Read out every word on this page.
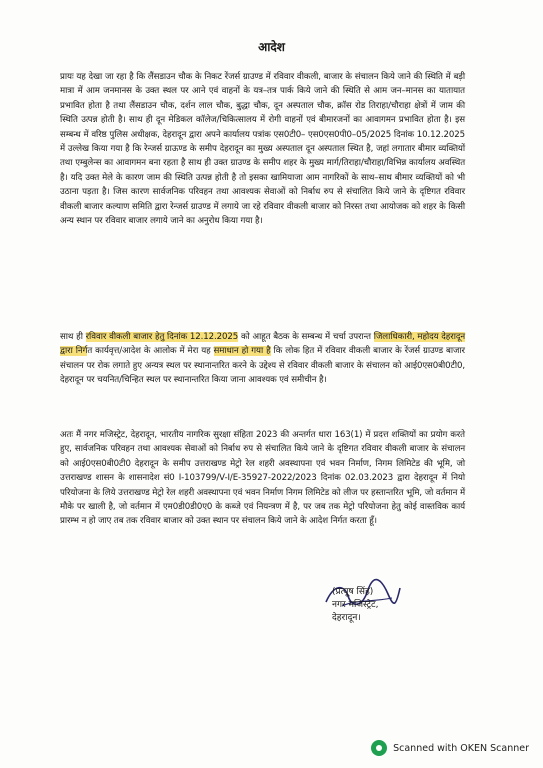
आदेश
प्रायः यह देखा जा रहा है कि लैंसडाउन चौक के निकट रेंजर्स ग्राउण्ड में रविवार वीकली, बाजार के संचालन किये जाने की स्थिति में बड़ी मात्रा में आम जनमानस के उक्त स्थल पर आने एवं वाहनों के यत्र–तत्र पार्क किये जाने की स्थिति से आम जन–मानस का यातायात प्रभावित होता है तथा लैंसडाउन चौक, दर्शन लाल चौक, बुद्धा चौक, दून अस्पताल चौक, क्रॉस रोड तिराहा/चौराहा क्षेत्रों में जाम की स्थिति उत्पन्न होती है। साथ ही दून मेडिकल कॉलेज/चिकित्सालय में रोगी वाहनों एवं बीमारजनों का आवागमन प्रभावित होता है। इस सम्बन्ध में वरिष्ठ पुलिस अधीक्षक, देहरादून द्वारा अपने कार्यालय पत्रांक एस0टी0– एस0एस0पी0–05/2025 दिनांक 10.12.2025 में उल्लेख किया गया है कि रेन्जर्स ग्राऊण्ड के समीप देहरादून का मुख्य अस्पताल दून अस्पताल स्थित है, जहां लगातार बीमार व्यक्तियों तथा एम्बुलेन्स का आवागमन बना रहता है साथ ही उक्त ग्राउण्ड के समीप शहर के मुख्य मार्ग/तिराहा/चौराहा/विभिन्न कार्यालय अवस्थित है। यदि उक्त मेले के कारण जाम की स्थिति उत्पन्न होती है तो इसका खामियाजा आम नागरिकों के साथ–साथ बीमार व्यक्तियों को भी उठाना पड़ता है। जिस कारण सार्वजनिक परिवहन तथा आवश्यक सेवाओं को निर्बाध रुप से संचालित किये जाने के दृष्टिगत रविवार वीकली बाजार कल्याण समिति द्वारा रेन्जर्स ग्राउण्ड में लगाये जा रहे रविवार वीकली बाजार को निरस्त तथा आयोजक को शहर के किसी अन्य स्थान पर रविवार बाजार लगाये जाने का अनुरोध किया गया है।
साथ ही रविवार वीकली बाजार हेतु दिनांक 12.12.2025 को आहूत बैठक के सम्बन्ध में चर्चा उपरान्त जिलाधिकारी, महोदय देहरादून द्वारा निर्गत कार्यवृत्त/आदेश के आलोक में मेरा यह समाधान हो गया है कि लोक हित में रविवार वीकली बाजार के रेंजर्स ग्राउण्ड बाजार संचालन पर रोक लगाते हुए अन्यत्र स्थल पर स्थानान्तरित करने के उद्देश्य से रविवार वीकली बाजार के संचालन को आई0एस0बी0टी0, देहरादून पर चयनित/चिन्हित स्थल पर स्थानान्तरित किया जाना आवश्यक एवं समीचीन है।
अतः मैं नगर मजिस्ट्रेट, देहरादून, भारतीय नागरिक सुरक्षा संहिता 2023 की अन्तर्गत धारा 163(1) में प्रदत्त शक्तियों का प्रयोग करते हुए, सार्वजनिक परिवहन तथा आवश्यक सेवाओं को निर्बाध रुप से संचालित किये जाने के दृष्टिगत रविवार वीकली बाजार के संचालन को आई0एस0बी0टी0 देहरादून के समीप उत्तराखण्ड मेट्रो रेल शहरी अवस्थापना एवं भवन निर्माण, निगम लिमिटेड की भूमि, जो उत्तराखण्ड शासन के शासनादेश सं0 I-103799/V-I/E-35927-2022/2023 दिनांक 02.03.2023 द्वारा देहरादून में नियो परियोजना के लिये उत्तराखण्ड मेट्रो रेल शहरी अवस्थापना एवं भवन निर्माण निगम लिमिटेड को लीज पर हस्तान्तरित भूमि, जो वर्तमान में मौके पर खाली है, जो वर्तमान में एम0डी0डी0ए0 के कब्जे एवं नियन्त्रण में है, पर जब तक मेट्रो परियोजना हेतु कोई वास्तविक कार्य प्रारम्भ न हो जाए तब तक रविवार बाजार को उक्त स्थान पर संचालन किये जाने के आदेश निर्गत करता हूँ।
(प्रत्यूष सिंह)
नगर मजिस्ट्रेट,
देहरादून।
Scanned with OKEN Scanner
